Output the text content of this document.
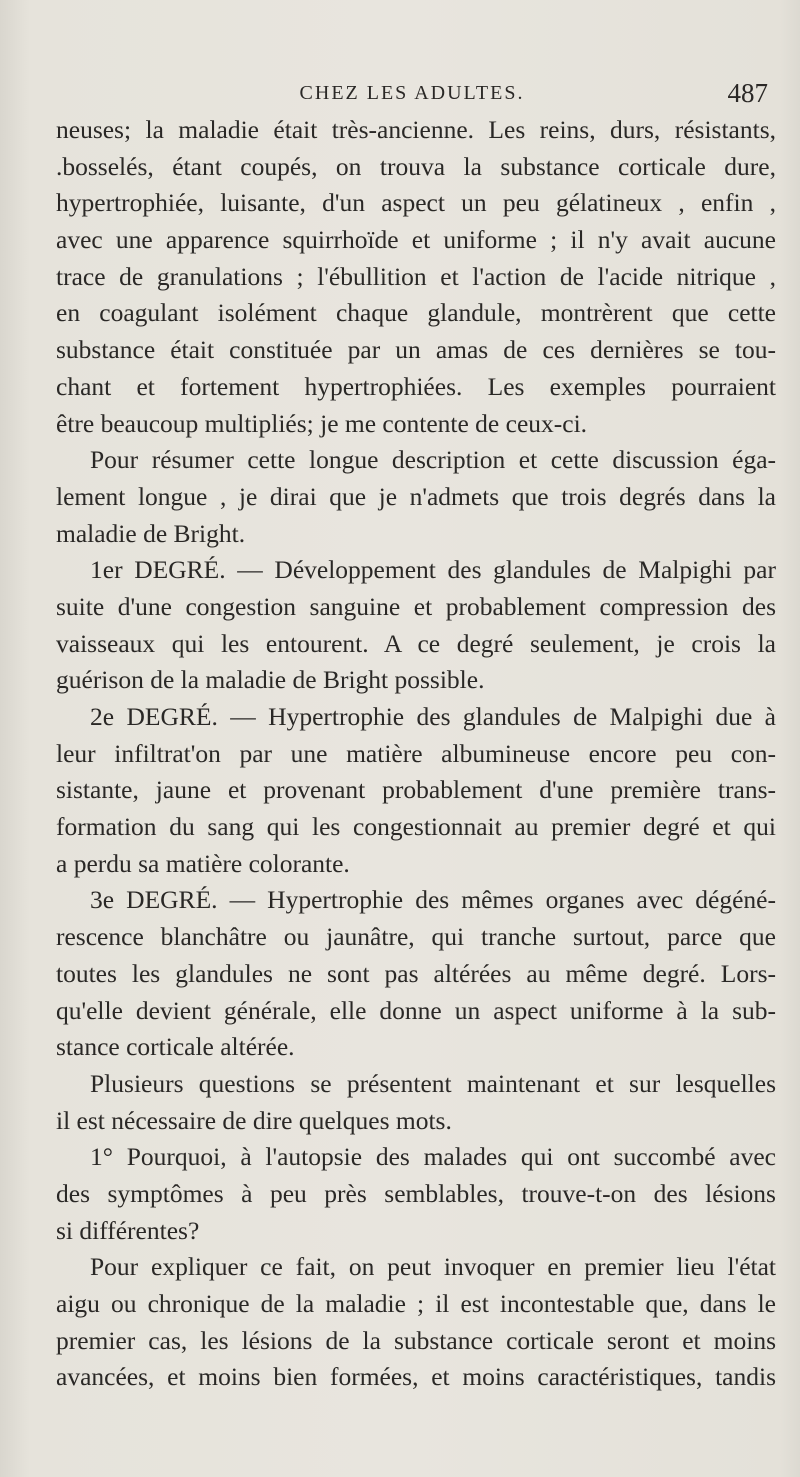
CHEZ LES ADULTES.	487
neuses; la maladie était très-ancienne. Les reins, durs, résistants,
.bosselés, étant coupés, on trouva la substance corticale dure,
hypertrophiée, luisante, d'un aspect un peu gélatineux , enfin ,
avec une apparence squirrhoïde et uniforme ; il n'y avait aucune
trace de granulations ; l'ébullition et l'action de l'acide nitrique ,
en coagulant isolément chaque glandule, montrèrent que cette
substance était constituée par un amas de ces dernières se tou-
chant et fortement hypertrophiées. Les exemples pourraient
être beaucoup multipliés; je me contente de ceux-ci.
Pour résumer cette longue description et cette discussion éga-
lement longue , je dirai que je n'admets que trois degrés dans la
maladie de Bright.
1er DEGRÉ. — Développement des glandules de Malpighi par
suite d'une congestion sanguine et probablement compression des
vaisseaux qui les entourent. A ce degré seulement, je crois la
guérison de la maladie de Bright possible.
2e DEGRÉ. — Hypertrophie des glandules de Malpighi due à
leur infiltrat'on par une matière albumineuse encore peu con-
sistante, jaune et provenant probablement d'une première trans-
formation du sang qui les congestionnait au premier degré et qui
a perdu sa matière colorante.
3e DEGRÉ. — Hypertrophie des mêmes organes avec dégéné-
rescence blanchâtre ou jaunâtre, qui tranche surtout, parce que
toutes les glandules ne sont pas altérées au même degré. Lors-
qu'elle devient générale, elle donne un aspect uniforme à la sub-
stance corticale altérée.
Plusieurs questions se présentent maintenant et sur lesquelles
il est nécessaire de dire quelques mots.
1° Pourquoi, à l'autopsie des malades qui ont succombé avec
des symptômes à peu près semblables, trouve-t-on des lésions
si différentes?
Pour expliquer ce fait, on peut invoquer en premier lieu l'état
aigu ou chronique de la maladie ; il est incontestable que, dans le
premier cas, les lésions de la substance corticale seront et moins
avancées, et moins bien formées, et moins caractéristiques, tandis
